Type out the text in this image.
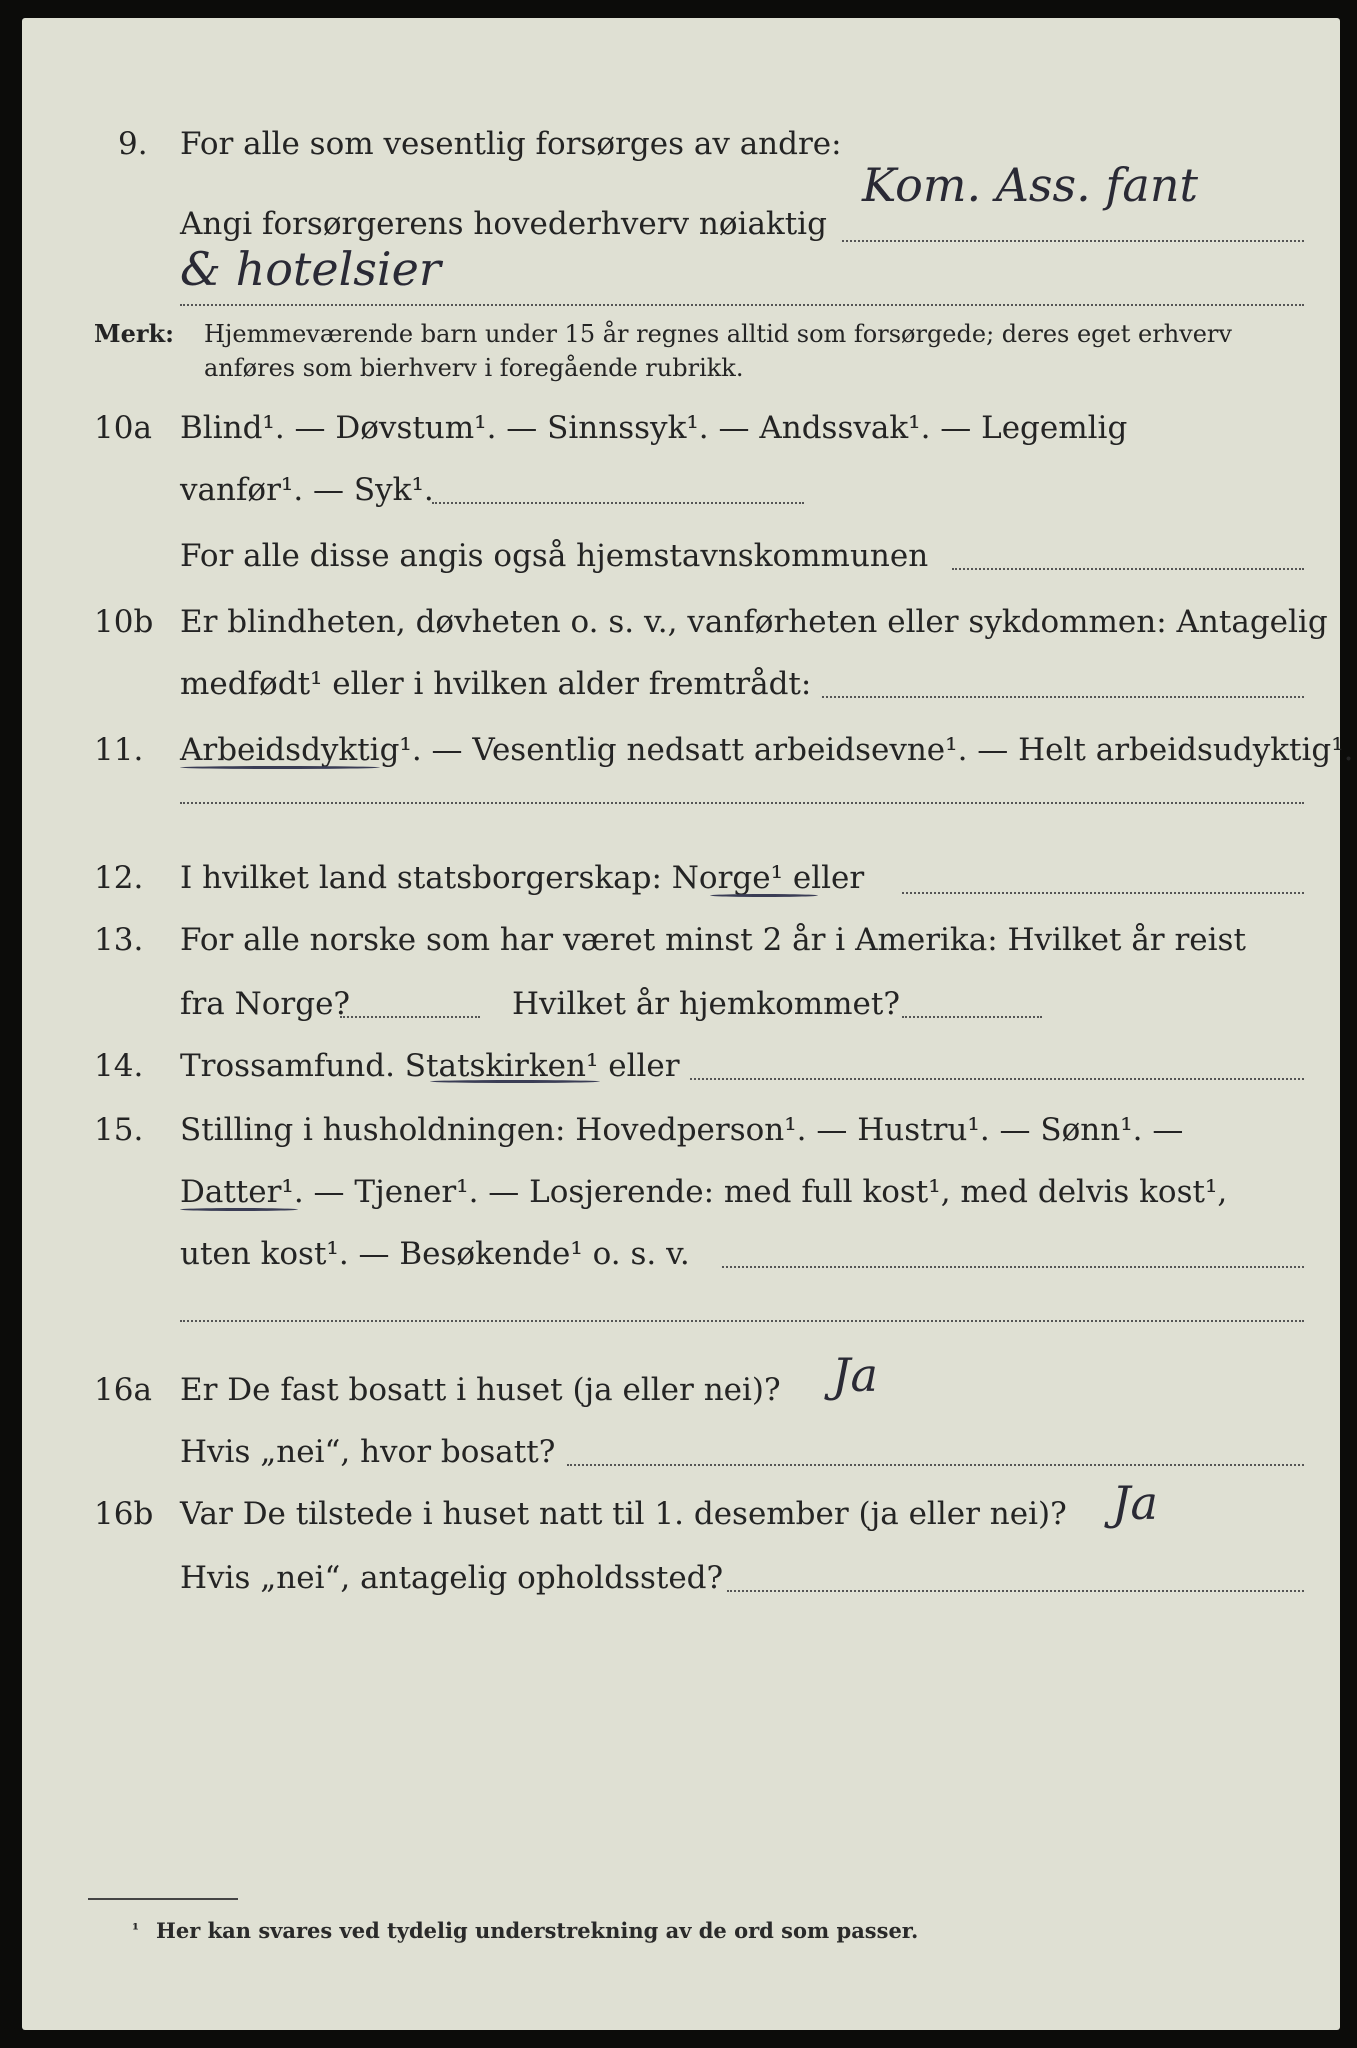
9. For alle som vesentlig forsørges av andre:
Kom. Ass. fant
Angi forsørgerens hovederhverv nøiaktig
& hotelsier
Merk: Hjemmeværende barn under 15 år regnes alltid som forsørgede; deres eget erhverv
anføres som bierhverv i foregående rubrikk.
10a Blind¹. — Døvstum¹. — Sinnssyk¹. — Andssvak¹. — Legemlig
vanfør¹. — Syk¹.
For alle disse angis også hjemstavnskommunen
10b Er blindheten, døvheten o. s. v., vanførheten eller sykdommen: Antagelig
medfødt¹ eller i hvilken alder fremtrådt:
11. Arbeidsdyktig¹. — Vesentlig nedsatt arbeidsevne¹. — Helt arbeidsudyktig¹.
12. I hvilket land statsborgerskap: Norge¹ eller
13. For alle norske som har været minst 2 år i Amerika: Hvilket år reist
fra Norge?	Hvilket år hjemkommet?
14. Trossamfund. Statskirken¹ eller
15. Stilling i husholdningen: Hovedperson¹. — Hustru¹. — Sønn¹. —
Datter¹. — Tjener¹. — Losjerende: med full kost¹, med delvis kost¹,
uten kost¹. — Besøkende¹ o. s. v.
16a Er De fast bosatt i huset (ja eller nei)? Ja
Hvis „nei“, hvor bosatt?
16b Var De tilstede i huset natt til 1. desember (ja eller nei)? Ja
Hvis „nei“, antagelig opholdssted?
¹ Her kan svares ved tydelig understrekning av de ord som passer.
